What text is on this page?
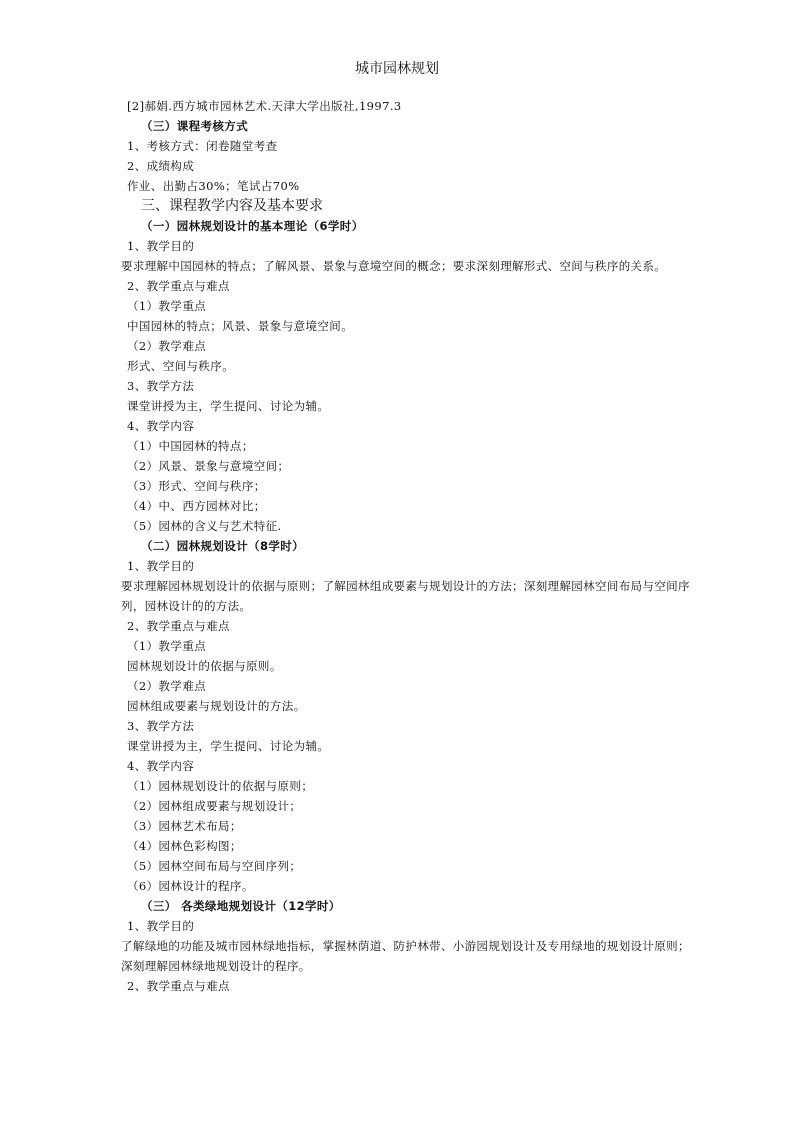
城市园林规划
[2]郝娟.西方城市园林艺术.天津大学出版社,1997.3
（三）课程考核方式
1、考核方式：闭卷随堂考查
2、成绩构成
作业、出勤占30%；笔试占70%
三、课程教学内容及基本要求
（一）园林规划设计的基本理论（6学时）
1、教学目的
要求理解中国园林的特点；了解风景、景象与意境空间的概念；要求深刻理解形式、空间与秩序的关系。
2、教学重点与难点
（1）教学重点
中国园林的特点；风景、景象与意境空间。
（2）教学难点
形式、空间与秩序。
3、教学方法
课堂讲授为主，学生提问、讨论为辅。
4、教学内容
（1）中国园林的特点；
（2）风景、景象与意境空间；
（3）形式、空间与秩序；
（4）中、西方园林对比；
（5）园林的含义与艺术特征.
（二）园林规划设计（8学时）
1、教学目的
要求理解园林规划设计的依据与原则；了解园林组成要素与规划设计的方法；深刻理解园林空间布局与空间序列，园林设计的的方法。
2、教学重点与难点
（1）教学重点
园林规划设计的依据与原则。
（2）教学难点
园林组成要素与规划设计的方法。
3、教学方法
课堂讲授为主，学生提问、讨论为辅。
4、教学内容
（1）园林规划设计的依据与原则；
（2）园林组成要素与规划设计；
（3）园林艺术布局；
（4）园林色彩构图；
（5）园林空间布局与空间序列；
（6）园林设计的程序。
（三） 各类绿地规划设计（12学时）
1、教学目的
了解绿地的功能及城市园林绿地指标，掌握林荫道、防护林带、小游园规划设计及专用绿地的规划设计原则；深刻理解园林绿地规划设计的程序。
2、教学重点与难点
